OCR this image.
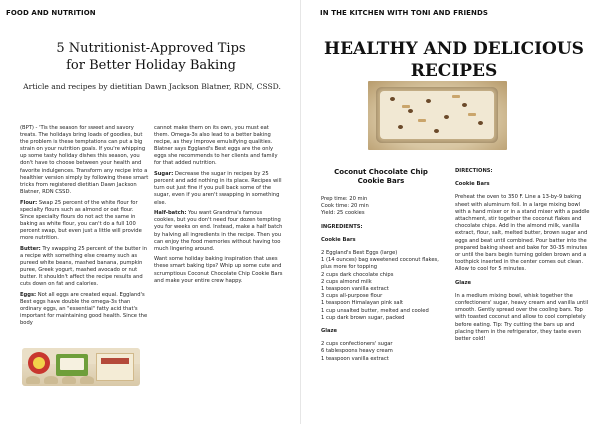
FOOD AND NUTRITION
5 Nutritionist-Approved Tips
for Better Holiday Baking
Article and recipes by dietitian Dawn Jackson Blatner, RDN, CSSD.

(BPT) - 'Tis the season for sweet and savory treats. The holidays bring loads of goodies, but the problem is these temptations can put a big strain on your nutrition goals. If you're whipping up some tasty holiday dishes this season, you don't have to choose between your health and favorite indulgences. Transform any recipe into a healthier version simply by following these smart tricks from registered dietitian Dawn Jackson Blatner, RDN CSSD.

Flour: Swap 25 percent of the white flour for specialty flours such as almond or oat flour. Since specialty flours do not act the same in baking as white flour, you can't do a full 100 percent swap, but even just a little will provide more nutrition.

Butter: Try swapping 25 percent of the butter in a recipe with something else creamy such as pureed white beans, mashed banana, pumpkin puree, Greek yogurt, mashed avocado or nut butter. It shouldn't affect the recipe results and cuts down on fat and calories.

Eggs: Not all eggs are created equal. Eggland's Best eggs have double the omega-3s than ordinary eggs, an "essential" fatty acid that's important for maintaining good health. Since the body

cannot make them on its own, you must eat them. Omega-3s also lead to a better baking recipe, as they improve emulsifying qualities. Blatner says Eggland's Best eggs are the only eggs she recommends to her clients and family for that added nutrition.

Sugar: Decrease the sugar in recipes by 25 percent and add nothing in its place. Recipes will turn out just fine if you pull back some of the sugar, even if you aren't swapping in something else.

Half-batch: You want Grandma's famous cookies, but you don't need four dozen tempting you for weeks on end. Instead, make a half batch by halving all ingredients in the recipe. Then you can enjoy the food memories without having too much lingering around.

Want some holiday baking inspiration that uses these smart baking tips? Whip up some cute and scrumptious Coconut Chocolate Chip Cookie Bars and make your entire crew happy.

IN THE KITCHEN WITH TONI AND FRIENDS
HEALTHY AND DELICIOUS
RECIPES
Coconut Chocolate Chip
Cookie Bars
Prep time: 20 min
Cook time: 20 min
Yield: 25 cookies
INGREDIENTS:
Cookie Bars
2 Eggland's Best Eggs (large)
1 (14 ounces) bag sweetened coconut flakes, plus more for topping
2 cups dark chocolate chips
2 cups almond milk
1 teaspoon vanilla extract
3 cups all-purpose flour
1 teaspoon Himalayan pink salt
1 cup unsalted butter, melted and cooled
1 cup dark brown sugar, packed
Glaze
2 cups confectioners' sugar
6 tablespoons heavy cream
1 teaspoon vanilla extract
DIRECTIONS:
Cookie Bars
Preheat the oven to 350 F. Line a 13-by-9 baking sheet with aluminum foil. In a large mixing bowl with a hand mixer or in a stand mixer with a paddle attachment, stir together the coconut flakes and chocolate chips. Add in the almond milk, vanilla extract, flour, salt, melted butter, brown sugar and eggs and beat until combined. Pour batter into the prepared baking sheet and bake for 30-35 minutes or until the bars begin turning golden brown and a toothpick inserted in the center comes out clean. Allow to cool for 5 minutes.
Glaze
In a medium mixing bowl, whisk together the confectioners' sugar, heavy cream and vanilla until smooth. Gently spread over the cooling bars. Top with toasted coconut and allow to cool completely before eating. Tip: Try cutting the bars up and placing them in the refrigerator, they taste even better cold!
